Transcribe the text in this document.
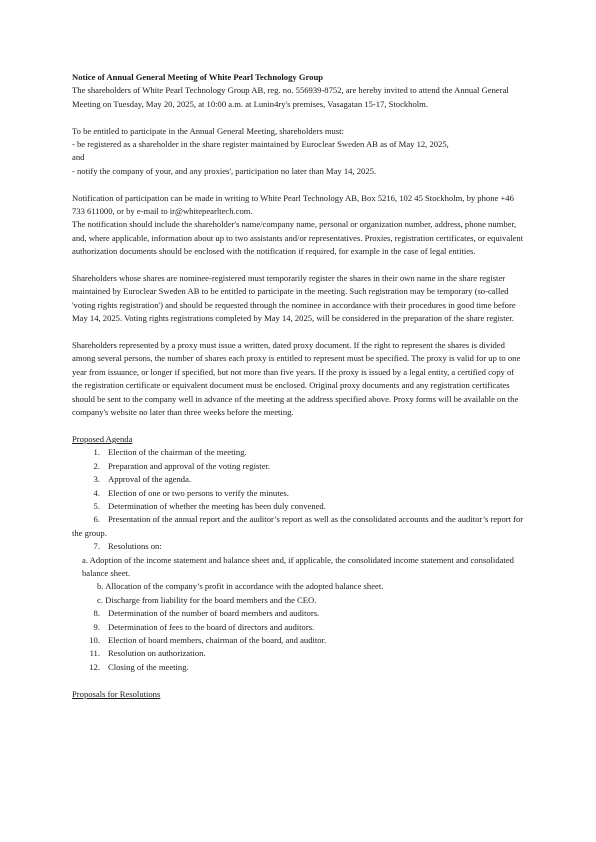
Notice of Annual General Meeting of White Pearl Technology Group

The shareholders of White Pearl Technology Group AB, reg. no. 556939-8752, are hereby invited to attend the Annual General Meeting on Tuesday, May 20, 2025, at 10:00 a.m. at Lunin4ry's premises, Vasagatan 15-17, Stockholm.

To be entitled to participate in the Annual General Meeting, shareholders must:

- be registered as a shareholder in the share register maintained by Euroclear Sweden AB as of May 12, 2025,

and

- notify the company of your, and any proxies', participation no later than May 14, 2025.

Notification of participation can be made in writing to White Pearl Technology AB, Box 5216, 102 45 Stockholm, by phone +46 733 611000, or by e-mail to ir@whitepearltech.com.

The notification should include the shareholder's name/company name, personal or organization number, address, phone number, and, where applicable, information about up to two assistants and/or representatives. Proxies, registration certificates, or equivalent authorization documents should be enclosed with the notification if required, for example in the case of legal entities.

Shareholders whose shares are nominee-registered must temporarily register the shares in their own name in the share register maintained by Euroclear Sweden AB to be entitled to participate in the meeting. Such registration may be temporary (so-called 'voting rights registration') and should be requested through the nominee in accordance with their procedures in good time before May 14, 2025. Voting rights registrations completed by May 14, 2025, will be considered in the preparation of the share register.

Shareholders represented by a proxy must issue a written, dated proxy document. If the right to represent the shares is divided among several persons, the number of shares each proxy is entitled to represent must be specified. The proxy is valid for up to one year from issuance, or longer if specified, but not more than five years. If the proxy is issued by a legal entity, a certified copy of the registration certificate or equivalent document must be enclosed. Original proxy documents and any registration certificates should be sent to the company well in advance of the meeting at the address specified above. Proxy forms will be available on the company's website no later than three weeks before the meeting.

Proposed Agenda

1. Election of the chairman of the meeting.
2. Preparation and approval of the voting register.
3. Approval of the agenda.
4. Election of one or two persons to verify the minutes.
5. Determination of whether the meeting has been duly convened.
6. Presentation of the annual report and the auditor’s report as well as the consolidated accounts and the auditor’s report for the group.
7. Resolutions on:

a. Adoption of the income statement and balance sheet and, if applicable, the consolidated income statement and consolidated balance sheet.

b. Allocation of the company’s profit in accordance with the adopted balance sheet.

c. Discharge from liability for the board members and the CEO.

8. Determination of the number of board members and auditors.
9. Determination of fees to the board of directors and auditors.
10. Election of board members, chairman of the board, and auditor.
11. Resolution on authorization.
12. Closing of the meeting.

Proposals for Resolutions
